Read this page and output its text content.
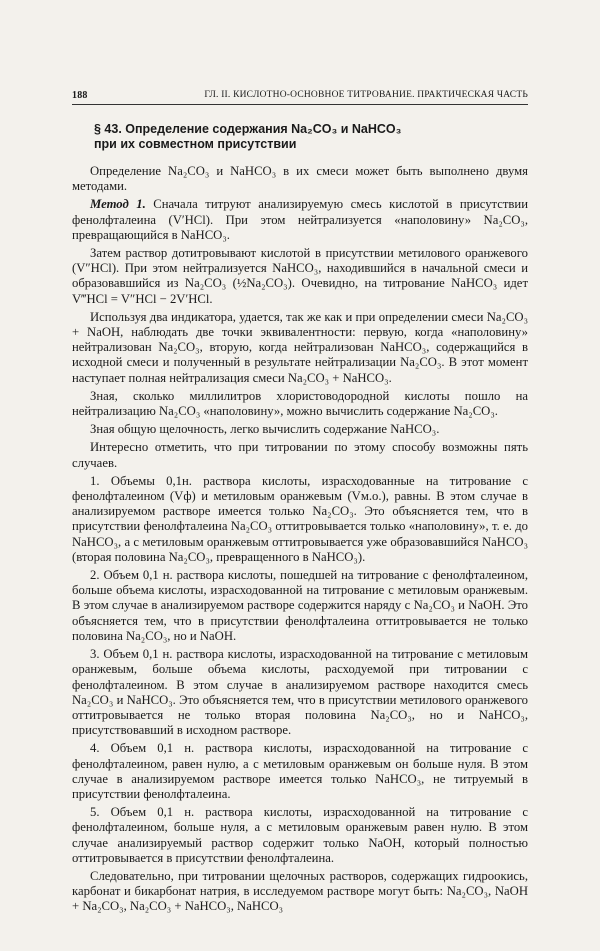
188	ГЛ. II. КИСЛОТНО-ОСНОВНОЕ ТИТРОВАНИЕ. ПРАКТИЧЕСКАЯ ЧАСТЬ
§ 43. Определение содержания Na₂CO₃ и NaHCO₃
при их совместном присутствии

Определение Na₂CO₃ и NaHCO₃ в их смеси может быть выполнено двумя методами.

Метод 1. Сначала титруют анализируемую смесь кислотой в присутствии фенолфталеина (V′HCl). При этом нейтрализуется «наполовину» Na₂CO₃, превращающийся в NaHCO₃.

Затем раствор дотитровывают кислотой в присутствии метилового оранжевого (V″HCl). При этом нейтрализуется NaHCO₃, находившийся в начальной смеси и образовавшийся из Na₂CO₃ (½Na₂CO₃). Очевидно, на титрование NaHCO₃ идет V‴HCl = V″HCl − 2V′HCl.

Используя два индикатора, удается, так же как и при определении смеси Na₂CO₃ + NaOH, наблюдать две точки эквивалентности: первую, когда «наполовину» нейтрализован Na₂CO₃, вторую, когда нейтрализован NaHCO₃, содержащийся в исходной смеси и полученный в результате нейтрализации Na₂CO₃. В этот момент наступает полная нейтрализация смеси Na₂CO₃ + NaHCO₃.

Зная, сколько миллилитров хлористоводородной кислоты пошло на нейтрализацию Na₂CO₃ «наполовину», можно вычислить содержание Na₂CO₃.

Зная общую щелочность, легко вычислить содержание NaHCO₃.

Интересно отметить, что при титровании по этому способу возможны пять случаев.

1. Объемы 0,1н. раствора кислоты, израсходованные на титрование с фенолфталеином (Vф) и метиловым оранжевым (Vм.о.), равны. В этом случае в анализируемом растворе имеется только Na₂CO₃. Это объясняется тем, что в присутствии фенолфталеина Na₂CO₃ оттитровывается только «наполовину», т. е. до NaHCO₃, а с метиловым оранжевым оттитровывается уже образовавшийся NaHCO₃ (вторая половина Na₂CO₃, превращенного в NaHCO₃).

2. Объем 0,1 н. раствора кислоты, пошедшей на титрование с фенолфталеином, больше объема кислоты, израсходованной на титрование с метиловым оранжевым. В этом случае в анализируемом растворе содержится наряду с Na₂CO₃ и NaOH. Это объясняется тем, что в присутствии фенолфталеина оттитровывается не только половина Na₂CO₃, но и NaOH.

3. Объем 0,1 н. раствора кислоты, израсходованной на титрование с метиловым оранжевым, больше объема кислоты, расходуемой при титровании с фенолфталеином. В этом случае в анализируемом растворе находится смесь Na₂CO₃ и NaHCO₃. Это объясняется тем, что в присутствии метилового оранжевого оттитровывается не только вторая половина Na₂CO₃, но и NaHCO₃, присутствовавший в исходном растворе.

4. Объем 0,1 н. раствора кислоты, израсходованной на титрование с фенолфталеином, равен нулю, а с метиловым оранжевым он больше нуля. В этом случае в анализируемом растворе имеется только NaHCO₃, не титруемый в присутствии фенолфталеина.

5. Объем 0,1 н. раствора кислоты, израсходованной на титрование с фенолфталеином, больше нуля, а с метиловым оранжевым равен нулю. В этом случае анализируемый раствор содержит только NaOH, который полностью оттитровывается в присутствии фенолфталеина.

Следовательно, при титровании щелочных растворов, содержащих гидроокись, карбонат и бикарбонат натрия, в исследуемом растворе могут быть: Na₂CO₃, NaOH + Na₂CO₃, Na₂CO₃ + NaHCO₃, NaHCO₃
